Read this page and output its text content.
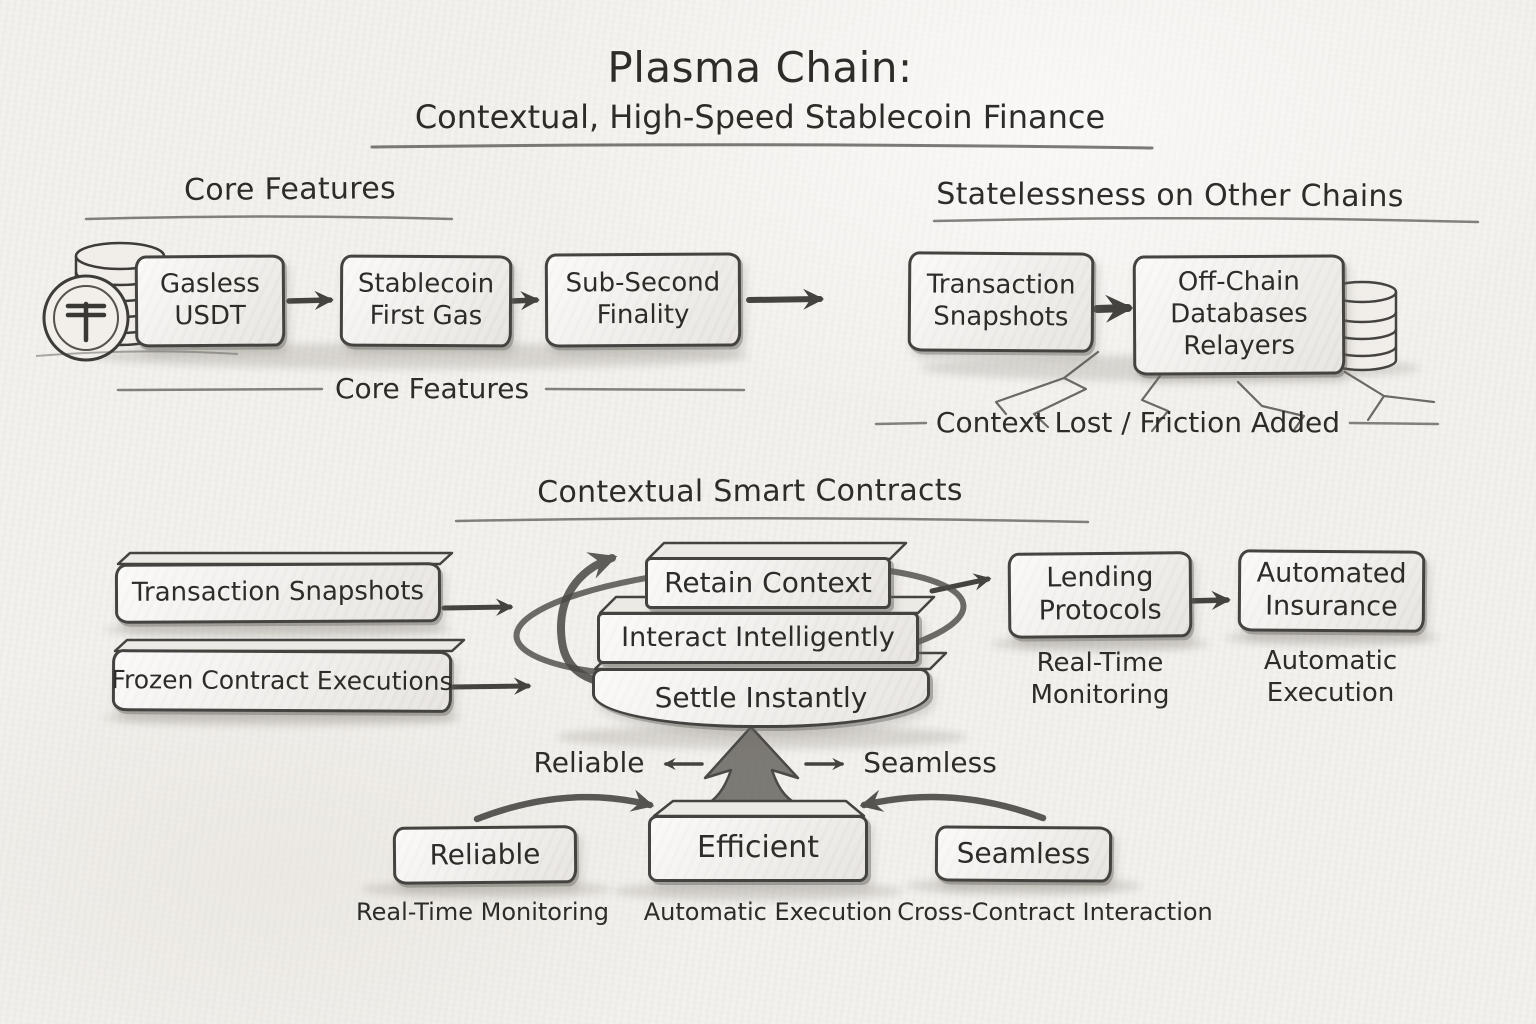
Plasma Chain:
Contextual, High-Speed Stablecoin Finance
Core Features	Statelessness on Other Chains
Contextual Smart Contracts
Gasless USDT
Stablecoin First Gas
Sub-Second Finality
Core Features
Transaction Snapshots
Off-Chain Databases Relayers
Context Lost / Friction Added
Transaction Snapshots
Frozen Contract Executions
Retain Context
Interact Intelligently
Settle Instantly
Lending Protocols
Automated Insurance
Real-Time Monitoring
Automatic Execution
Reliable	Seamless
Reliable	Efficient	Seamless
Real-Time Monitoring Automatic Execution Cross-Contract Interaction
